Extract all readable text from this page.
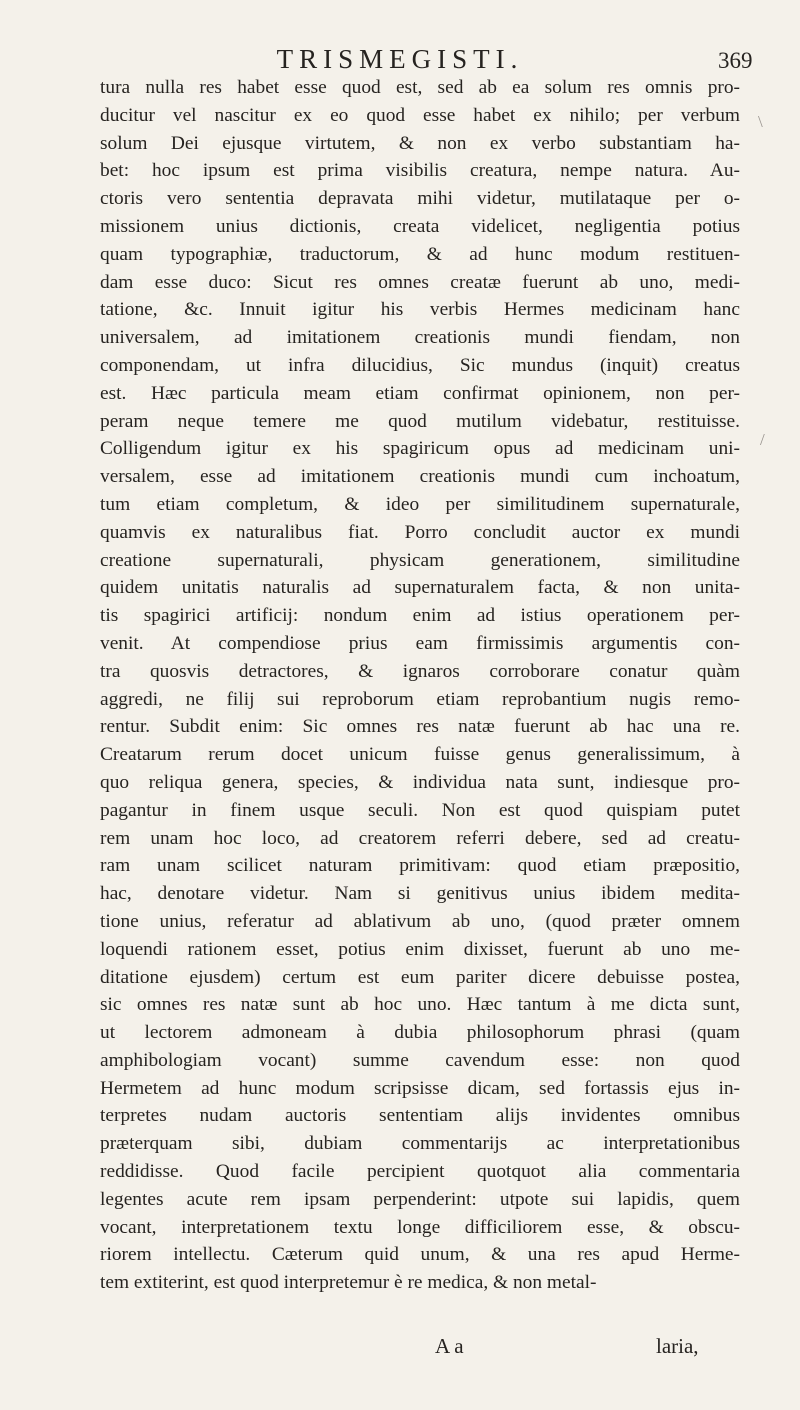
TRISMEGISTI.	369
\
/
tura nulla res habet esse quod est, sed ab ea solum res omnis pro-
ducitur vel nascitur ex eo quod esse habet ex nihilo; per verbum
solum Dei ejusque virtutem, & non ex verbo substantiam ha-
bet: hoc ipsum est prima visibilis creatura, nempe natura. Au-
ctoris vero sententia depravata mihi videtur, mutilataque per o-
missionem unius dictionis, creata videlicet, negligentia potius
quam typographiæ, traductorum, & ad hunc modum restituen-
dam esse duco: Sicut res omnes creatæ fuerunt ab uno, medi-
tatione, &c. Innuit igitur his verbis Hermes medicinam hanc
universalem, ad imitationem creationis mundi fiendam, non
componendam, ut infra dilucidius, Sic mundus (inquit) creatus
est. Hæc particula meam etiam confirmat opinionem, non per-
peram neque temere me quod mutilum videbatur, restituisse.
Colligendum igitur ex his spagiricum opus ad medicinam uni-
versalem, esse ad imitationem creationis mundi cum inchoatum,
tum etiam completum, & ideo per similitudinem supernaturale,
quamvis ex naturalibus fiat. Porro concludit auctor ex mundi
creatione supernaturali, physicam generationem, similitudine
quidem unitatis naturalis ad supernaturalem facta, & non unita-
tis spagirici artificij: nondum enim ad istius operationem per-
venit. At compendiose prius eam firmissimis argumentis con-
tra quosvis detractores, & ignaros corroborare conatur quàm
aggredi, ne filij sui reproborum etiam reprobantium nugis remo-
rentur. Subdit enim: Sic omnes res natæ fuerunt ab hac una re.
Creatarum rerum docet unicum fuisse genus generalissimum, à
quo reliqua genera, species, & individua nata sunt, indiesque pro-
pagantur in finem usque seculi. Non est quod quispiam putet
rem unam hoc loco, ad creatorem referri debere, sed ad creatu-
ram unam scilicet naturam primitivam: quod etiam præpositio,
hac, denotare videtur. Nam si genitivus unius ibidem medita-
tione unius, referatur ad ablativum ab uno, (quod præter omnem
loquendi rationem esset, potius enim dixisset, fuerunt ab uno me-
ditatione ejusdem) certum est eum pariter dicere debuisse postea,
sic omnes res natæ sunt ab hoc uno. Hæc tantum à me dicta sunt,
ut lectorem admoneam à dubia philosophorum phrasi (quam
amphibologiam vocant) summe cavendum esse: non quod
Hermetem ad hunc modum scripsisse dicam, sed fortassis ejus in-
terpretes nudam auctoris sententiam alijs invidentes omnibus
præterquam sibi, dubiam commentarijs ac interpretationibus
reddidisse. Quod facile percipient quotquot alia commentaria
legentes acute rem ipsam perpenderint: utpote sui lapidis, quem
vocant, interpretationem textu longe difficiliorem esse, & obscu-
riorem intellectu. Cæterum quid unum, & una res apud Herme-
tem extiterint, est quod interpretemur è re medica, & non metal-
A a	laria,
